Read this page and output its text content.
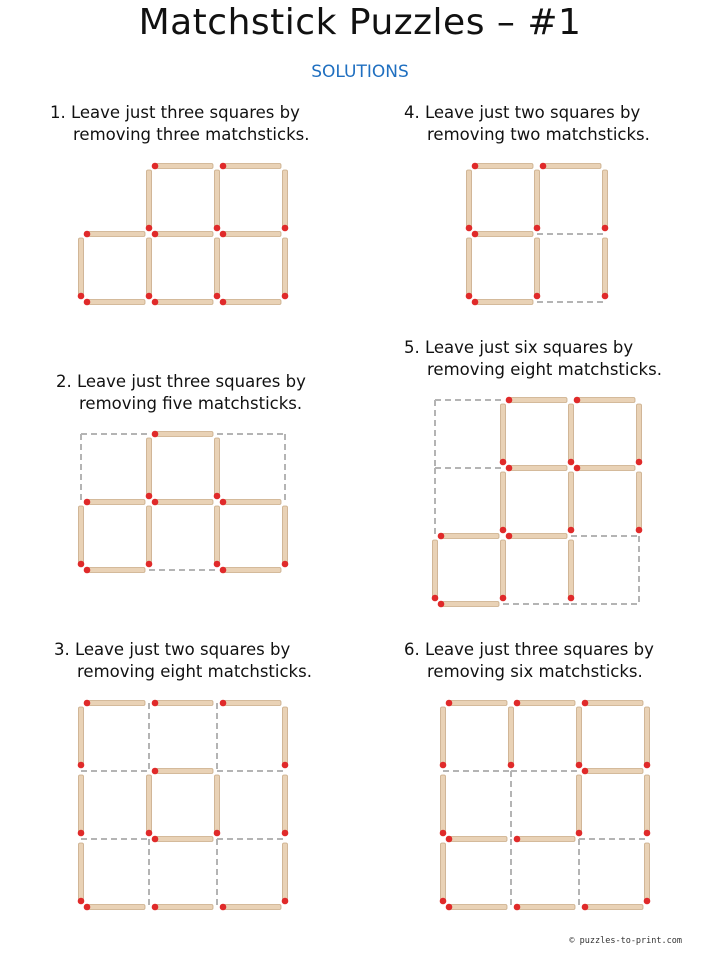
Matchstick Puzzles – #1
SOLUTIONS
1. Leave just three squares by
removing three matchsticks.
4. Leave just two squares by
removing two matchsticks.
2. Leave just three squares by
removing five matchsticks.
5. Leave just six squares by
removing eight matchsticks.
3. Leave just two squares by
removing eight matchsticks.
6. Leave just three squares by
removing six matchsticks.
© puzzles-to-print.com
